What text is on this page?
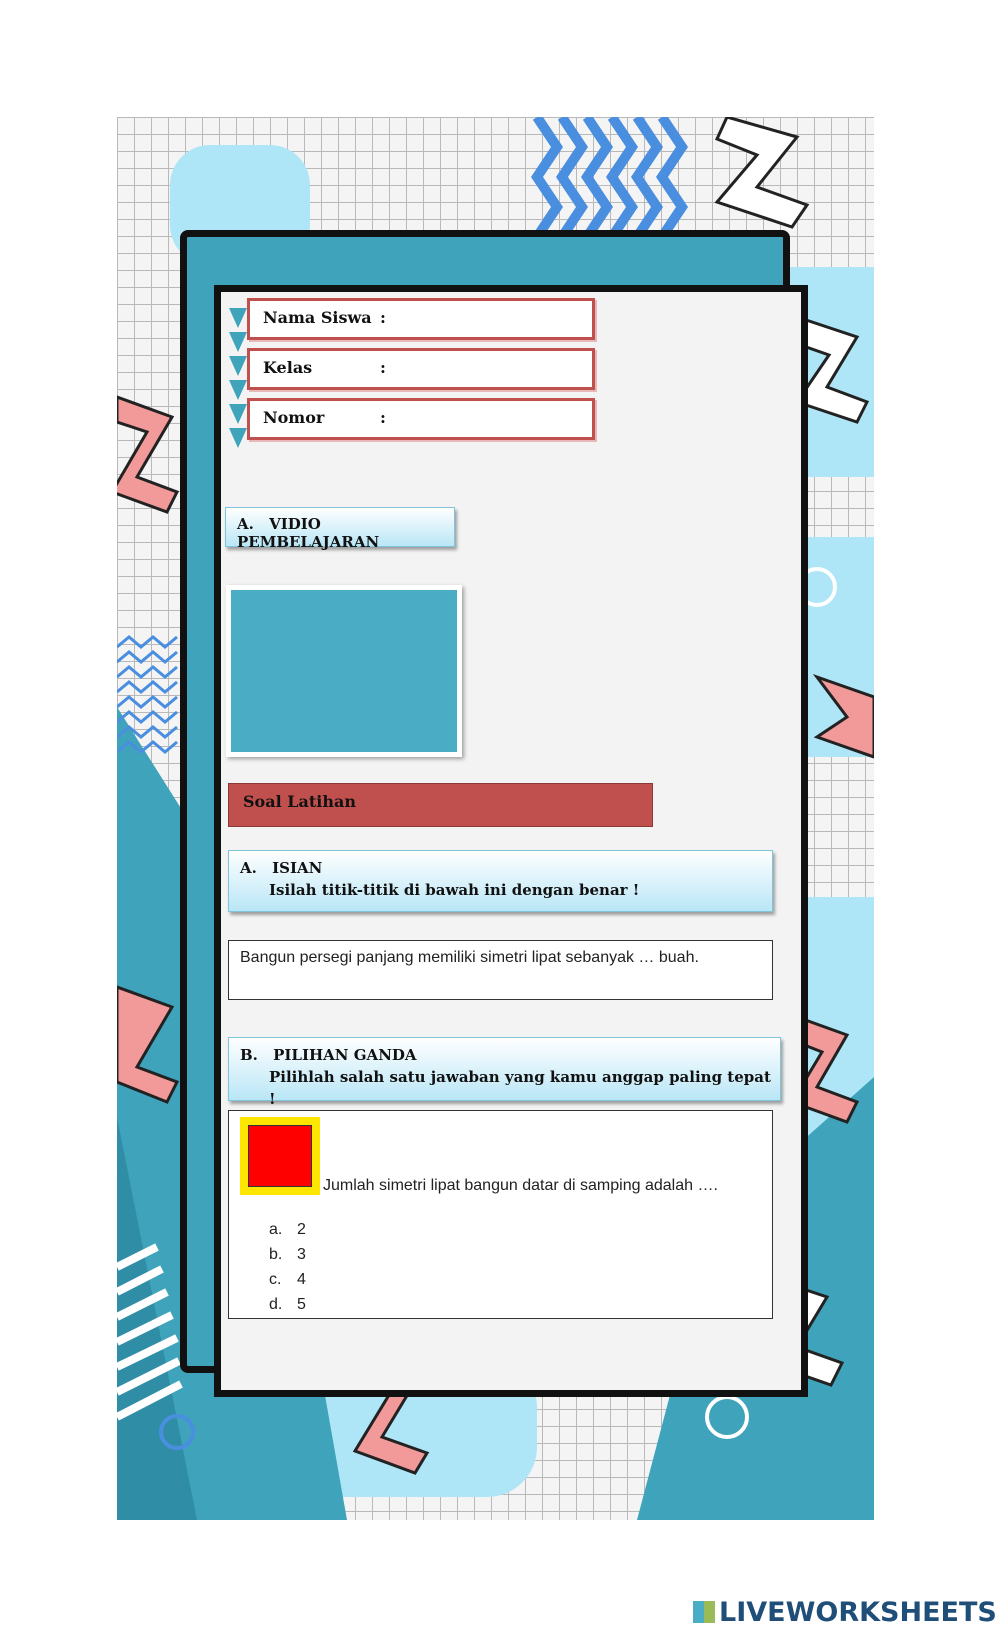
Nama Siswa :
Kelas	:
Nomor	:
A. VIDIO PEMBELAJARAN
Soal Latihan
A. ISIAN
Isilah titik-titik di bawah ini dengan benar !
Bangun persegi panjang memiliki simetri lipat sebanyak … buah.
B. PILIHAN GANDA
Pilihlah salah satu jawaban yang kamu anggap paling tepat !
Jumlah simetri lipat bangun datar di samping adalah ….
a. 2
b. 3
c. 4
d. 5
LIVEWORKSHEETS
